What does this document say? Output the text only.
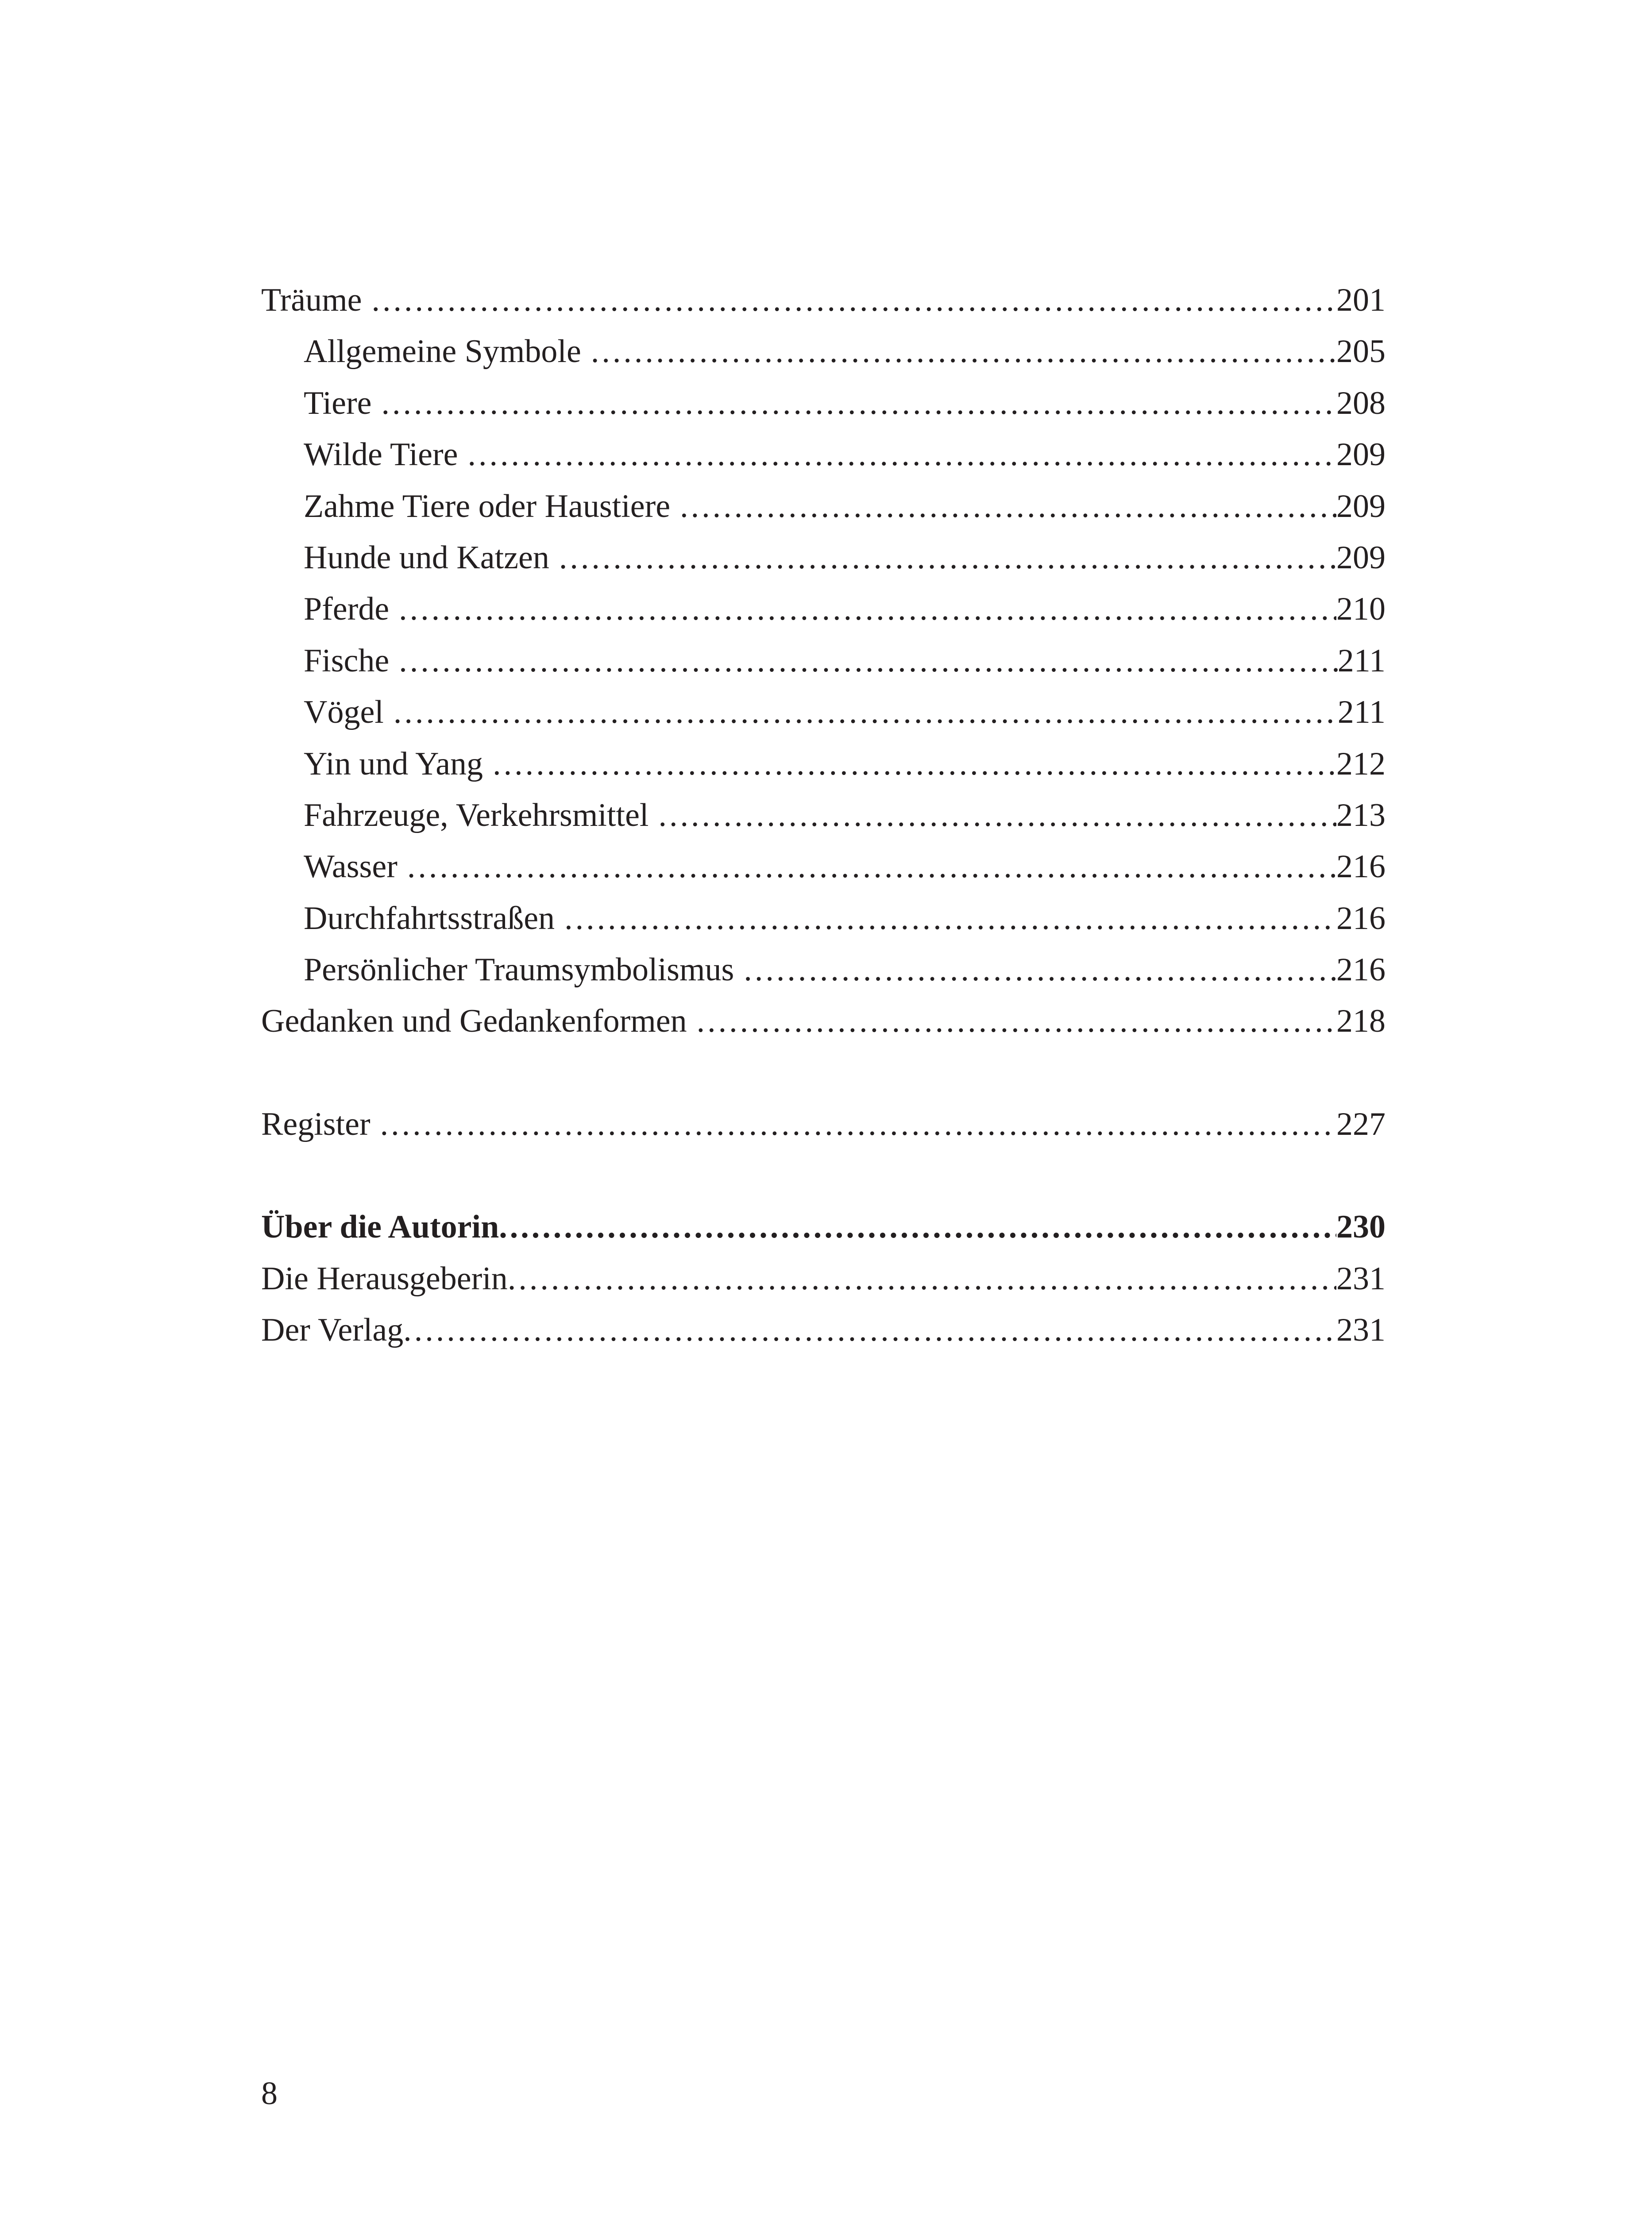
Träume .....	201
Allgemeine Symbole .....	205
Tiere .....	208
Wilde Tiere .....	209
Zahme Tiere oder Haustiere .....	209
Hunde und Katzen .....	209
Pferde .....	210
Fische .....	211
Vögel .....	211
Yin und Yang .....	212
Fahrzeuge, Verkehrsmittel .....	213
Wasser .....	216
Durchfahrtsstraßen .....	216
Persönlicher Traumsymbolismus .....	216
Gedanken und Gedankenformen .....	218
Register .....	227
Über die Autorin .....	230
Die Herausgeberin .....	231
Der Verlag .....	231
8
